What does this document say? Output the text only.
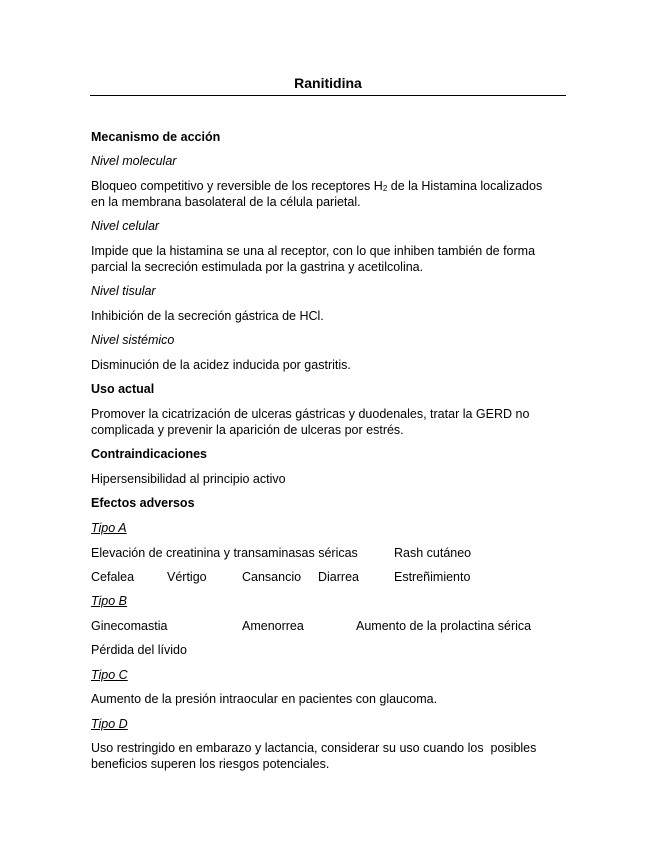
Ranitidina
Mecanismo de acción
Nivel molecular
Bloqueo competitivo y reversible de los receptores $H_2$ de la Histamina localizados
en la membrana basolateral de la célula parietal.
Nivel celular
Impide que la histamina se una al receptor, con lo que inhiben también de forma
parcial la secreción estimulada por la gastrina y acetilcolina.
Nivel tisular
Inhibición de la secreción gástrica de HCl.
Nivel sistémico
Disminución de la acidez inducida por gastritis.
Uso actual
Promover la cicatrización de ulceras gástricas y duodenales, tratar la GERD no
complicada y prevenir la aparición de ulceras por estrés.
Contraindicaciones
Hipersensibilidad al principio activo
Efectos adversos
Tipo A
Elevación de creatinina y transaminasas séricas	Rash cutáneo
Cefalea	Vértigo	Cansancio Diarrea	Estreñimiento
Tipo B
Ginecomastia	Amenorrea	Aumento de la prolactina sérica
Pérdida del lívido
Tipo C
Aumento de la presión intraocular en pacientes con glaucoma.
Tipo D
Uso restringido en embarazo y lactancia, considerar su uso cuando los  posibles
beneficios superen los riesgos potenciales.
